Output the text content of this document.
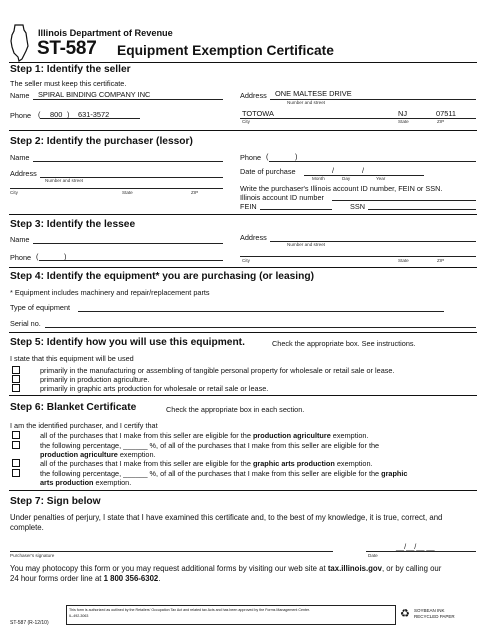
Illinois Department of Revenue
ST-587 Equipment Exemption Certificate
Step 1: Identify the seller
The seller must keep this certificate.
Name SPIRAL BINDING COMPANY INC	Address ONE MALTESE DRIVE
Number and street
Phone ( 800 ) 631-3572	TOTOWA	NJ	07511
City	State	ZIP
Step 2: Identify the purchaser (lessor)
Name
Address
Number and street
City	State	ZIP
Phone (	)
Date of purchase	/	/
Month	Day	Year
Write the purchaser's Illinois account ID number, FEIN or SSN.
Illinois account ID number
FEIN	SSN
Step 3: Identify the lessee
Name
Phone (	)
Address
Number and street
City	State	ZIP
Step 4: Identify the equipment* you are purchasing (or leasing)
* Equipment includes machinery and repair/replacement parts
Type of equipment
Serial no.
Step 5: Identify how you will use this equipment.	Check the appropriate box. See instructions.
I state that this equipment will be used
primarily in the manufacturing or assembling of tangible personal property for wholesale or retail sale or lease.
primarily in production agriculture.
primarily in graphic arts production for wholesale or retail sale or lease.
Step 6: Blanket Certificate	Check the appropriate box in each section.
I am the identified purchaser, and I certify that
all of the purchases that I make from this seller are eligible for the production agriculture exemption.
the following percentage, ______ %, of all of the purchases that I make from this seller are eligible for the
production agriculture exemption.
all of the purchases that I make from this seller are eligible for the graphic arts production exemption.
the following percentage, ______ %, of all of the purchases that I make from this seller are eligible for the graphic
arts production exemption.
Step 7: Sign below
Under penalties of perjury, I state that I have examined this certificate and, to the best of my knowledge, it is true, correct, and
complete.
Purchaser's signature
__/__/__ __
Date
You may photocopy this form or you may request additional forms by visiting our web site at tax.illinois.gov, or by calling our
24 hour forms order line at 1 800 356-6302.
ST-587 (R-12/10)
This form is authorized as outlined by the Retailers' Occupation Tax Act and related tax Acts and has been approved by the Forms Management Center.
IL-492-3063	♻ SOYBEAN INK
RECYCLED PAPER
